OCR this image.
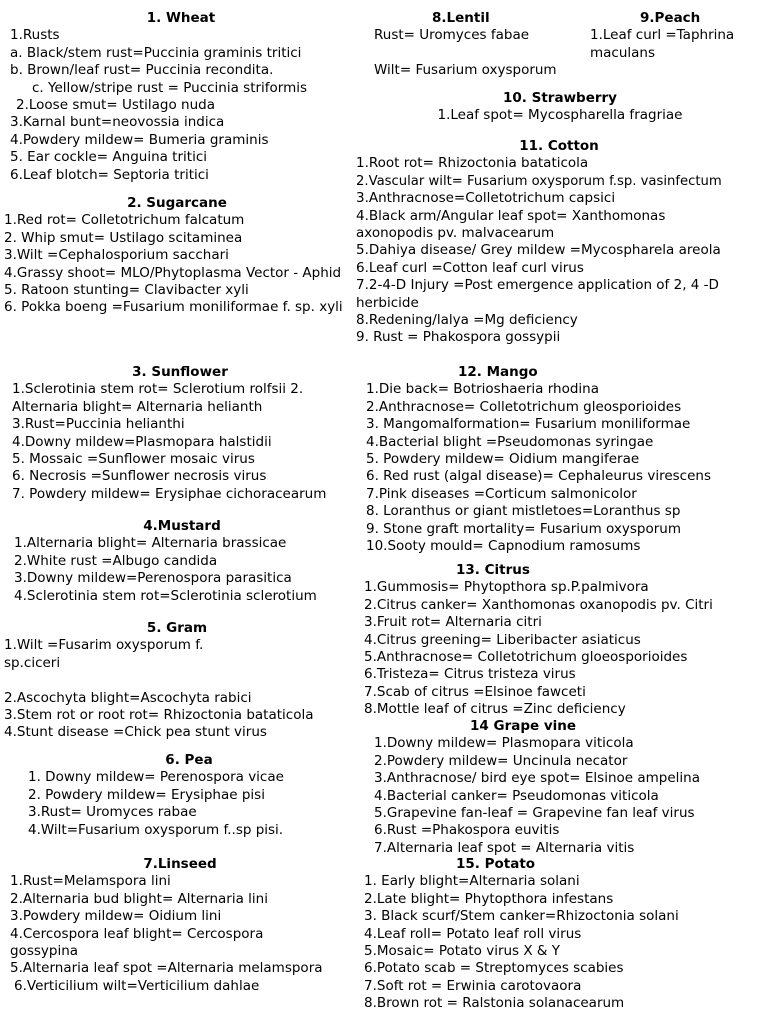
1. Wheat
1.Rusts
a. Black/stem rust=Puccinia graminis tritici
b. Brown/leaf rust= Puccinia recondita.
c. Yellow/stripe rust = Puccinia striformis
2.Loose smut= Ustilago nuda
3.Karnal bunt=neovossia indica
4.Powdery mildew= Bumeria graminis
5. Ear cockle= Anguina tritici
6.Leaf blotch= Septoria tritici
2. Sugarcane
1.Red rot= Colletotrichum falcatum
2. Whip smut= Ustilago scitaminea
3.Wilt =Cephalosporium sacchari
4.Grassy shoot= MLO/Phytoplasma Vector - Aphid
5. Ratoon stunting= Clavibacter xyli
6. Pokka boeng =Fusarium moniliformae f. sp. xyli
3. Sunflower
1.Sclerotinia stem rot= Sclerotium rolfsii 2. Alternaria blight= Alternaria helianth
3.Rust=Puccinia helianthi
4.Downy mildew=Plasmopara halstidii
5. Mossaic =Sunflower mosaic virus
6. Necrosis =Sunflower necrosis virus
7. Powdery mildew= Erysiphae cichoracearum
4.Mustard
1.Alternaria blight= Alternaria brassicae
2.White rust =Albugo candida
3.Downy mildew=Perenospora parasitica
4.Sclerotinia stem rot=Sclerotinia sclerotium
5. Gram
1.Wilt =Fusarim oxysporum f. sp.ciceri
2.Ascochyta blight=Ascochyta rabici
3.Stem rot or root rot= Rhizoctonia bataticola
4.Stunt disease =Chick pea stunt virus
6. Pea
1. Downy mildew= Perenospora vicae
2. Powdery mildew= Erysiphae pisi
3.Rust= Uromyces rabae
4.Wilt=Fusarium oxysporum f..sp pisi.
7.Linseed
1.Rust=Melamspora lini
2.Alternaria bud blight= Alternaria lini
3.Powdery mildew= Oidium lini
4.Cercospora leaf blight= Cercospora gossypina
5.Alternaria leaf spot =Alternaria melamspora
6.Verticilium wilt=Verticilium dahlae
8.Lentil
Rust= Uromyces fabae
Wilt= Fusarium oxysporum
9.Peach
1.Leaf curl =Taphrina maculans
10. Strawberry
1.Leaf spot= Mycospharella fragriae
11. Cotton
1.Root rot= Rhizoctonia bataticola
2.Vascular wilt= Fusarium oxysporum f.sp. vasinfectum
3.Anthracnose=Colletotrichum capsici
4.Black arm/Angular leaf spot= Xanthomonas axonopodis pv. malvacearum
5.Dahiya disease/ Grey mildew =Mycospharela areola
6.Leaf curl =Cotton leaf curl virus
7.2-4-D Injury =Post emergence application of 2, 4 -D herbicide
8.Redening/lalya =Mg deficiency
9. Rust = Phakospora gossypii
12. Mango
1.Die back= Botrioshaeria rhodina
2.Anthracnose= Colletotrichum gleosporioides
3. Mangomalformation= Fusarium moniliformae
4.Bacterial blight =Pseudomonas syringae
5. Powdery mildew= Oidium mangiferae
6. Red rust (algal disease)= Cephaleurus virescens
7.Pink diseases =Corticum salmonicolor
8. Loranthus or giant mistletoes=Loranthus sp
9. Stone graft mortality= Fusarium oxysporum
10.Sooty mould= Capnodium ramosums
13. Citrus
1.Gummosis= Phytopthora sp.P.palmivora
2.Citrus canker= Xanthomonas oxanopodis pv. Citri
3.Fruit rot= Alternaria citri
4.Citrus greening= Liberibacter asiaticus
5.Anthracnose= Colletotrichum gloeosporioides
6.Tristeza= Citrus tristeza virus
7.Scab of citrus =Elsinoe fawceti
8.Mottle leaf of citrus =Zinc deficiency
14 Grape vine
1.Downy mildew= Plasmopara viticola
2.Powdery mildew= Uncinula necator
3.Anthracnose/ bird eye spot= Elsinoe ampelina
4.Bacterial canker= Pseudomonas viticola
5.Grapevine fan-leaf = Grapevine fan leaf virus
6.Rust =Phakospora euvitis
7.Alternaria leaf spot = Alternaria vitis
15. Potato
1. Early blight=Alternaria solani
2.Late blight= Phytopthora infestans
3. Black scurf/Stem canker=Rhizoctonia solani
4.Leaf roll= Potato leaf roll virus
5.Mosaic= Potato virus X & Y
6.Potato scab = Streptomyces scabies
7.Soft rot = Erwinia carotovaora
8.Brown rot = Ralstonia solanacearum
